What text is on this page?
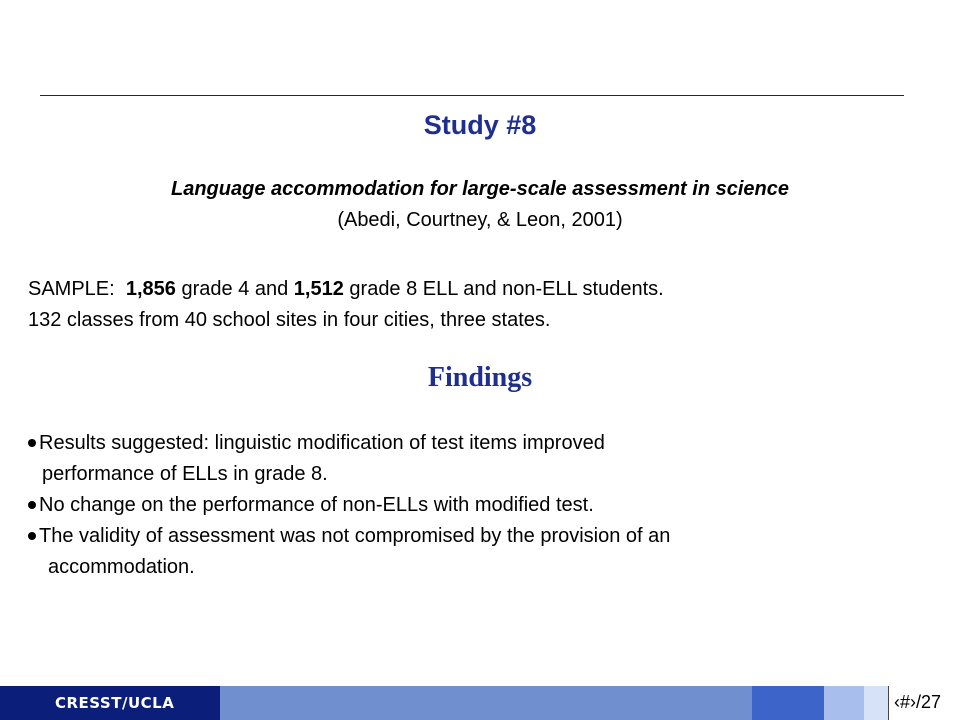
Study #8
Language accommodation for large-scale assessment in science
(Abedi, Courtney, & Leon, 2001)
SAMPLE: 1,856 grade 4 and 1,512 grade 8 ELL and non-ELL students.
132 classes from 40 school sites in four cities, three states.
Findings
Results suggested: linguistic modification of test items improved
performance of ELLs in grade 8.
No change on the performance of non-ELLs with modified test.
The validity of assessment was not compromised by the provision of an
accommodation.
CRESST/UCLA	‹#›/27
